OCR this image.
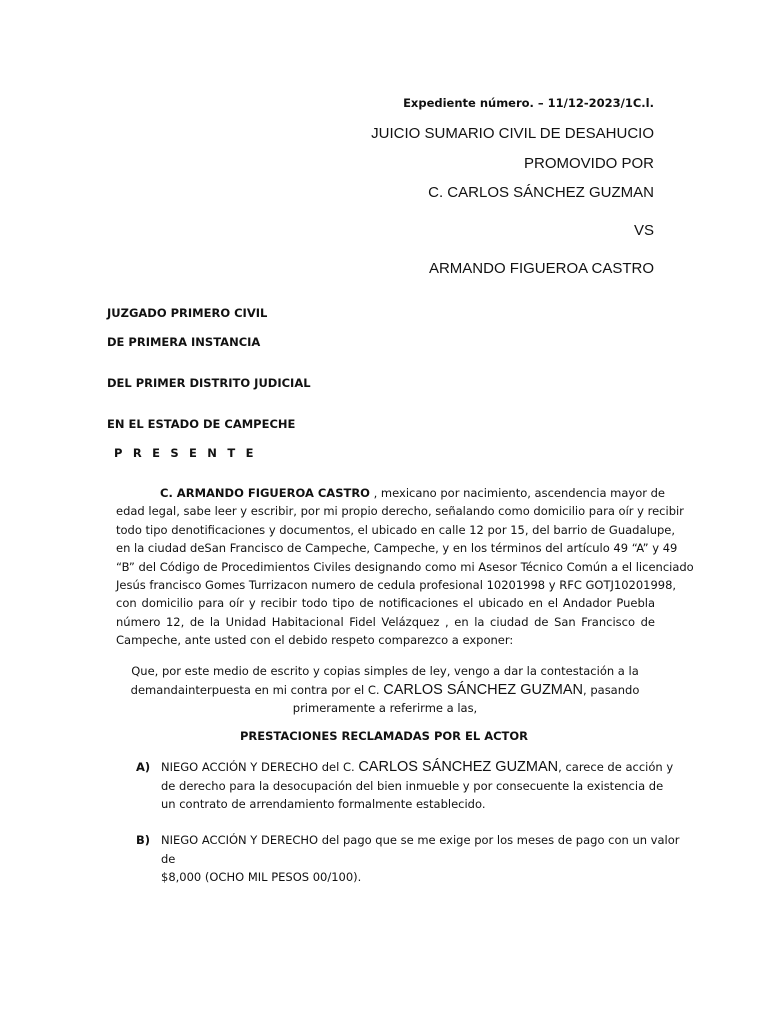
Expediente número. – 11/12-2023/1C.l.
JUICIO SUMARIO CIVIL DE DESAHUCIO
PROMOVIDO POR
C. CARLOS SÁNCHEZ GUZMAN
VS
ARMANDO FIGUEROA CASTRO
JUZGADO PRIMERO CIVIL
DE PRIMERA INSTANCIA
DEL PRIMER DISTRITO JUDICIAL
EN EL ESTADO DE CAMPECHE
P R E S E N T E
C. ARMANDO FIGUEROA CASTRO , mexicano por nacimiento, ascendencia mayor de
edad legal, sabe leer y escribir, por mi propio derecho, señalando como domicilio para oír y recibir
todo tipo denotificaciones y documentos, el ubicado en calle 12 por 15, del barrio de Guadalupe,
en la ciudad deSan Francisco de Campeche, Campeche, y en los términos del artículo 49 “A” y 49
“B” del Código de Procedimientos Civiles designando como mi Asesor Técnico Común a el licenciado
Jesús francisco Gomes Turrizacon numero de cedula profesional 10201998 y RFC GOTJ10201998,
con domicilio para oír y recibir todo tipo de notificaciones el ubicado en el Andador Puebla
número 12, de la Unidad Habitacional Fidel Velázquez , en la ciudad de San Francisco de
Campeche, ante usted con el debido respeto comparezco a exponer:
Que, por este medio de escrito y copias simples de ley, vengo a dar la contestación a la
demandainterpuesta en mi contra por el C. CARLOS SÁNCHEZ GUZMAN, pasando
primeramente a referirme a las,
PRESTACIONES RECLAMADAS POR EL ACTOR
A) NIEGO ACCIÓN Y DERECHO del C. CARLOS SÁNCHEZ GUZMAN, carece de acción y
de derecho para la desocupación del bien inmueble y por consecuente la existencia de
un contrato de arrendamiento formalmente establecido.
B) NIEGO ACCIÓN Y DERECHO del pago que se me exige por los meses de pago con un valor
de
$8,000 (OCHO MIL PESOS 00/100).
